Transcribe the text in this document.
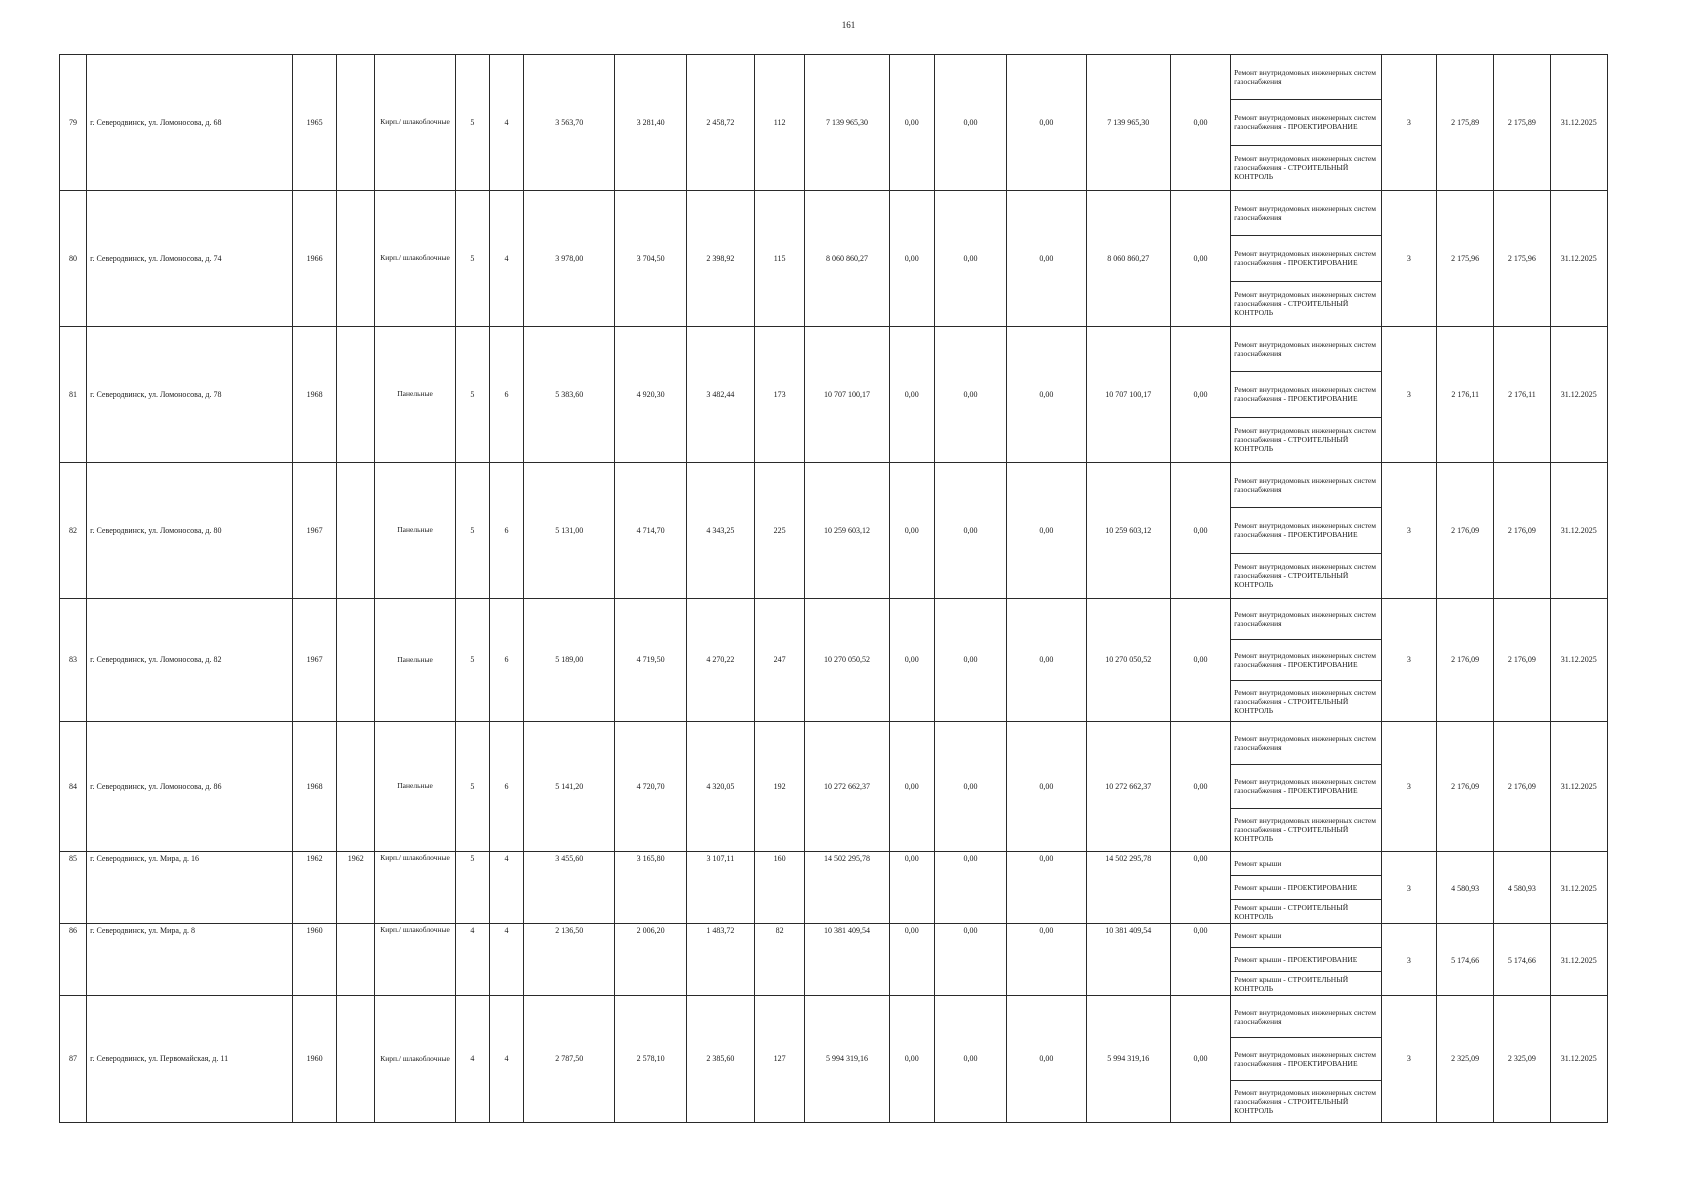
161
79	г. Северодвинск, ул. Ломоносова, д. 68	1965		Кирп./ шлакоблочные	5	4	3 563,70	3 281,40	2 458,72	112	7 139 965,30	0,00	0,00	0,00	7 139 965,30	0,00	Ремонт внутридомовых инженерных систем газоснабжения
Ремонт внутридомовых инженерных систем газоснабжения - ПРОЕКТИРОВАНИЕ
Ремонт внутридомовых инженерных систем газоснабжения - СТРОИТЕЛЬНЫЙ КОНТРОЛЬ	3	2 175,89	2 175,89	31.12.2025
80	г. Северодвинск, ул. Ломоносова, д. 74	1966		Кирп./ шлакоблочные	5	4	3 978,00	3 704,50	2 398,92	115	8 060 860,27	0,00	0,00	0,00	8 060 860,27	0,00	Ремонт внутридомовых инженерных систем газоснабжения
Ремонт внутридомовых инженерных систем газоснабжения - ПРОЕКТИРОВАНИЕ
Ремонт внутридомовых инженерных систем газоснабжения - СТРОИТЕЛЬНЫЙ КОНТРОЛЬ	3	2 175,96	2 175,96	31.12.2025
81	г. Северодвинск, ул. Ломоносова, д. 78	1968		Панельные	5	6	5 383,60	4 920,30	3 482,44	173	10 707 100,17	0,00	0,00	0,00	10 707 100,17	0,00	Ремонт внутридомовых инженерных систем газоснабжения
Ремонт внутридомовых инженерных систем газоснабжения - ПРОЕКТИРОВАНИЕ
Ремонт внутридомовых инженерных систем газоснабжения - СТРОИТЕЛЬНЫЙ КОНТРОЛЬ	3	2 176,11	2 176,11	31.12.2025
82	г. Северодвинск, ул. Ломоносова, д. 80	1967		Панельные	5	6	5 131,00	4 714,70	4 343,25	225	10 259 603,12	0,00	0,00	0,00	10 259 603,12	0,00	Ремонт внутридомовых инженерных систем газоснабжения
Ремонт внутридомовых инженерных систем газоснабжения - ПРОЕКТИРОВАНИЕ
Ремонт внутридомовых инженерных систем газоснабжения - СТРОИТЕЛЬНЫЙ КОНТРОЛЬ	3	2 176,09	2 176,09	31.12.2025
83	г. Северодвинск, ул. Ломоносова, д. 82	1967		Панельные	5	6	5 189,00	4 719,50	4 270,22	247	10 270 050,52	0,00	0,00	0,00	10 270 050,52	0,00	Ремонт внутридомовых инженерных систем газоснабжения
Ремонт внутридомовых инженерных систем газоснабжения - ПРОЕКТИРОВАНИЕ
Ремонт внутридомовых инженерных систем газоснабжения - СТРОИТЕЛЬНЫЙ КОНТРОЛЬ	3	2 176,09	2 176,09	31.12.2025
84	г. Северодвинск, ул. Ломоносова, д. 86	1968		Панельные	5	6	5 141,20	4 720,70	4 320,05	192	10 272 662,37	0,00	0,00	0,00	10 272 662,37	0,00	Ремонт внутридомовых инженерных систем газоснабжения
Ремонт внутридомовых инженерных систем газоснабжения - ПРОЕКТИРОВАНИЕ
Ремонт внутридомовых инженерных систем газоснабжения - СТРОИТЕЛЬНЫЙ КОНТРОЛЬ	3	2 176,09	2 176,09	31.12.2025
85	г. Северодвинск, ул. Мира, д. 16	1962	1962	Кирп./ шлакоблочные	5	4	3 455,60	3 165,80	3 107,11	160	14 502 295,78	0,00	0,00	0,00	14 502 295,78	0,00	Ремонт крыши
Ремонт крыши - ПРОЕКТИРОВАНИЕ
Ремонт крыши - СТРОИТЕЛЬНЫЙ КОНТРОЛЬ	3	4 580,93	4 580,93	31.12.2025
86	г. Северодвинск, ул. Мира, д. 8	1960		Кирп./ шлакоблочные	4	4	2 136,50	2 006,20	1 483,72	82	10 381 409,54	0,00	0,00	0,00	10 381 409,54	0,00	Ремонт крыши
Ремонт крыши - ПРОЕКТИРОВАНИЕ
Ремонт крыши - СТРОИТЕЛЬНЫЙ КОНТРОЛЬ	3	5 174,66	5 174,66	31.12.2025
87	г. Северодвинск, ул. Первомайская, д. 11	1960		Кирп./ шлакоблочные	4	4	2 787,50	2 578,10	2 385,60	127	5 994 319,16	0,00	0,00	0,00	5 994 319,16	0,00	Ремонт внутридомовых инженерных систем газоснабжения
Ремонт внутридомовых инженерных систем газоснабжения - ПРОЕКТИРОВАНИЕ
Ремонт внутридомовых инженерных систем газоснабжения - СТРОИТЕЛЬНЫЙ КОНТРОЛЬ	3	2 325,09	2 325,09	31.12.2025
